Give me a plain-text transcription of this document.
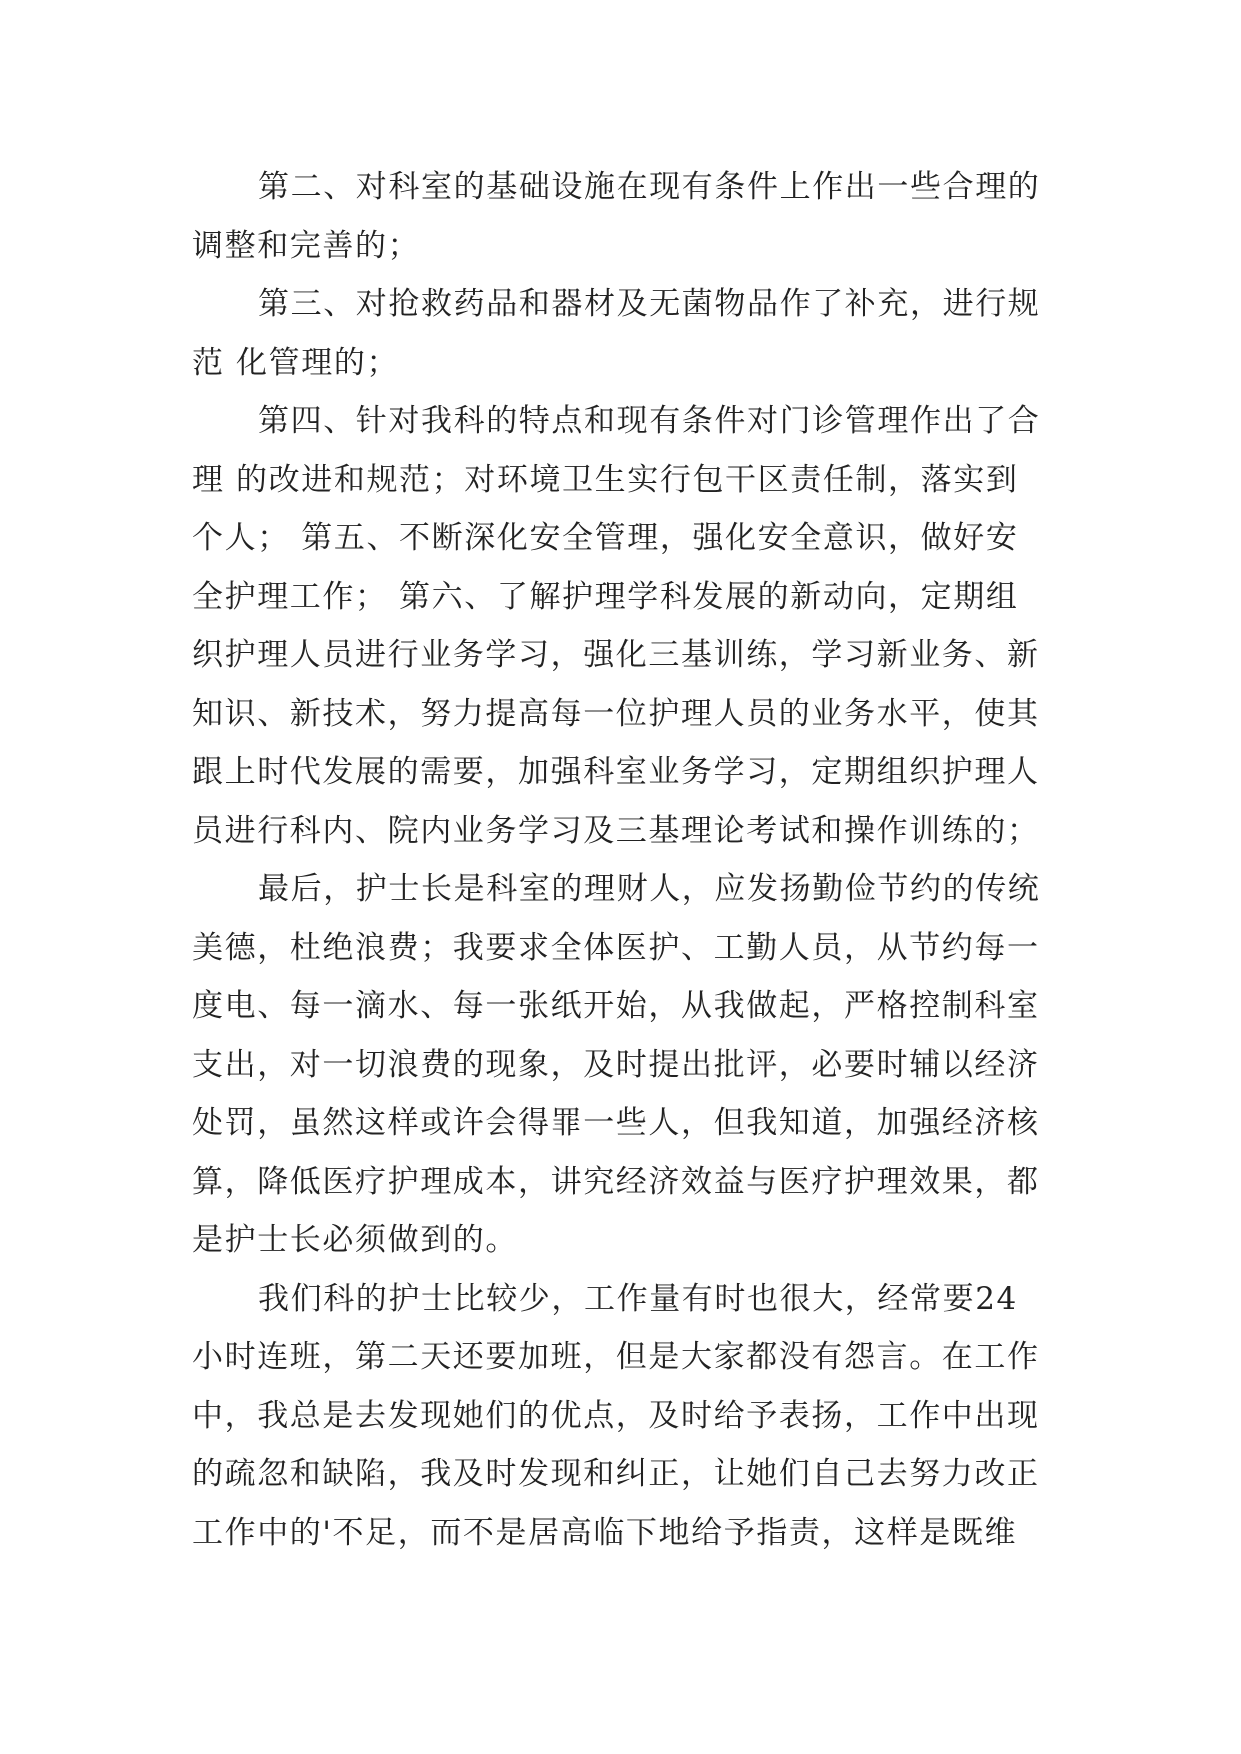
第二、对科室的基础设施在现有条件上作出一些合理的
调整和完善的；
第三、对抢救药品和器材及无菌物品作了补充，进行规
范 化管理的；
第四、针对我科的特点和现有条件对门诊管理作出了合
理 的改进和规范；对环境卫生实行包干区责任制，落实到
个人； 第五、不断深化安全管理，强化安全意识，做好安
全护理工作； 第六、了解护理学科发展的新动向，定期组
织护理人员进行业务学习，强化三基训练，学习新业务、新
知识、新技术，努力提高每一位护理人员的业务水平，使其
跟上时代发展的需要，加强科室业务学习，定期组织护理人
员进行科内、院内业务学习及三基理论考试和操作训练的；
最后，护士长是科室的理财人，应发扬勤俭节约的传统
美德，杜绝浪费；我要求全体医护、工勤人员，从节约每一
度电、每一滴水、每一张纸开始，从我做起，严格控制科室
支出，对一切浪费的现象，及时提出批评，必要时辅以经济
处罚，虽然这样或许会得罪一些人，但我知道，加强经济核
算，降低医疗护理成本，讲究经济效益与医疗护理效果，都
是护士长必须做到的。
我们科的护士比较少，工作量有时也很大，经常要24
小时连班，第二天还要加班，但是大家都没有怨言。在工作
中，我总是去发现她们的优点，及时给予表扬，工作中出现
的疏忽和缺陷，我及时发现和纠正，让她们自己去努力改正
工作中的'不足，而不是居高临下地给予指责，这样是既维
